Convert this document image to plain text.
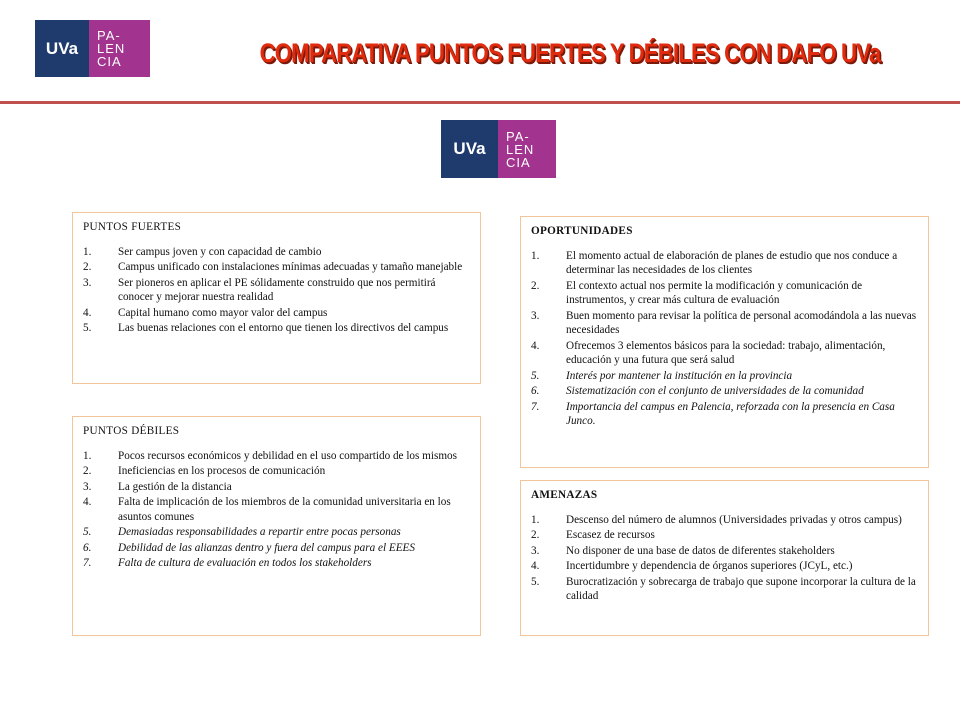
UVa
PA-
LEN
CIA	COMPARATIVA PUNTOS FUERTES Y DÉBILES CON DAFO UVa
UVa
PA-
LEN
CIA
PUNTOS FUERTES
1.	Ser campus joven y con capacidad de cambio
2.	Campus unificado con instalaciones mínimas adecuadas y tamaño manejable
3.	Ser pioneros en aplicar el PE sólidamente construido que nos permitirá conocer y mejorar nuestra realidad
4.	Capital humano como mayor valor del campus
5.	Las buenas relaciones con el entorno que tienen los directivos del campus
PUNTOS DÉBILES
1.	Pocos recursos económicos y debilidad en el uso compartido de los mismos
2.	Ineficiencias en los procesos de comunicación
3.	La gestión de la distancia
4.	Falta de implicación de los miembros de la comunidad universitaria en los asuntos comunes
5.	Demasiadas responsabilidades a repartir entre pocas personas
6.	Debilidad de las alianzas dentro y fuera del campus para el EEES
7.	Falta de cultura de evaluación en todos los stakeholders
OPORTUNIDADES
1.	El momento actual de elaboración de planes de estudio que nos conduce a determinar las necesidades de los clientes
2.	El contexto actual nos permite la modificación y comunicación de instrumentos, y crear más cultura de evaluación
3.	Buen momento para revisar la política de personal acomodándola a las nuevas necesidades
4.	Ofrecemos 3 elementos básicos para la sociedad: trabajo, alimentación, educación y una futura que será salud
5.	Interés por mantener la institución en la provincia
6.	Sistematización con el conjunto de universidades de la comunidad
7.	Importancia del campus en Palencia, reforzada con la presencia en Casa Junco.
AMENAZAS
1.	Descenso del número de alumnos (Universidades privadas y otros campus)
2.	Escasez de recursos
3.	No disponer de una base de datos de diferentes stakeholders
4.	Incertidumbre y dependencia de órganos superiores (JCyL, etc.)
5.	Burocratización y sobrecarga de trabajo que supone incorporar la cultura de la calidad
